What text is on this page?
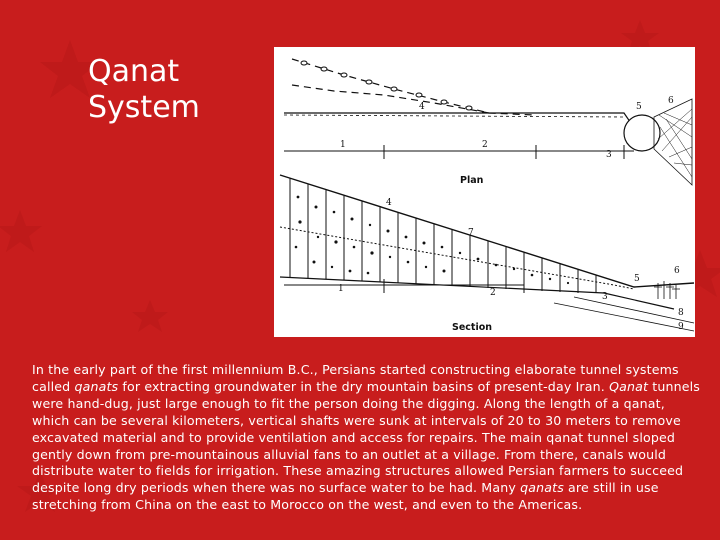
Qanat
System	4
1	2
3
5
6
Plan
4
7
1	2	3
5
6
8
9
Section

In the early part of the first millennium B.C., Persians started constructing elaborate tunnel systems called qanats for extracting groundwater in the dry mountain basins of present-day Iran. Qanat tunnels were hand-dug, just large enough to fit the person doing the digging. Along the length of a qanat, which can be several kilometers, vertical shafts were sunk at intervals of 20 to 30 meters to remove excavated material and to provide ventilation and access for repairs. The main qanat tunnel sloped gently down from pre-mountainous alluvial fans to an outlet at a village. From there, canals would distribute water to fields for irrigation. These amazing structures allowed Persian farmers to succeed despite long dry periods when there was no surface water to be had. Many qanats are still in use stretching from China on the east to Morocco on the west, and even to the Americas.
